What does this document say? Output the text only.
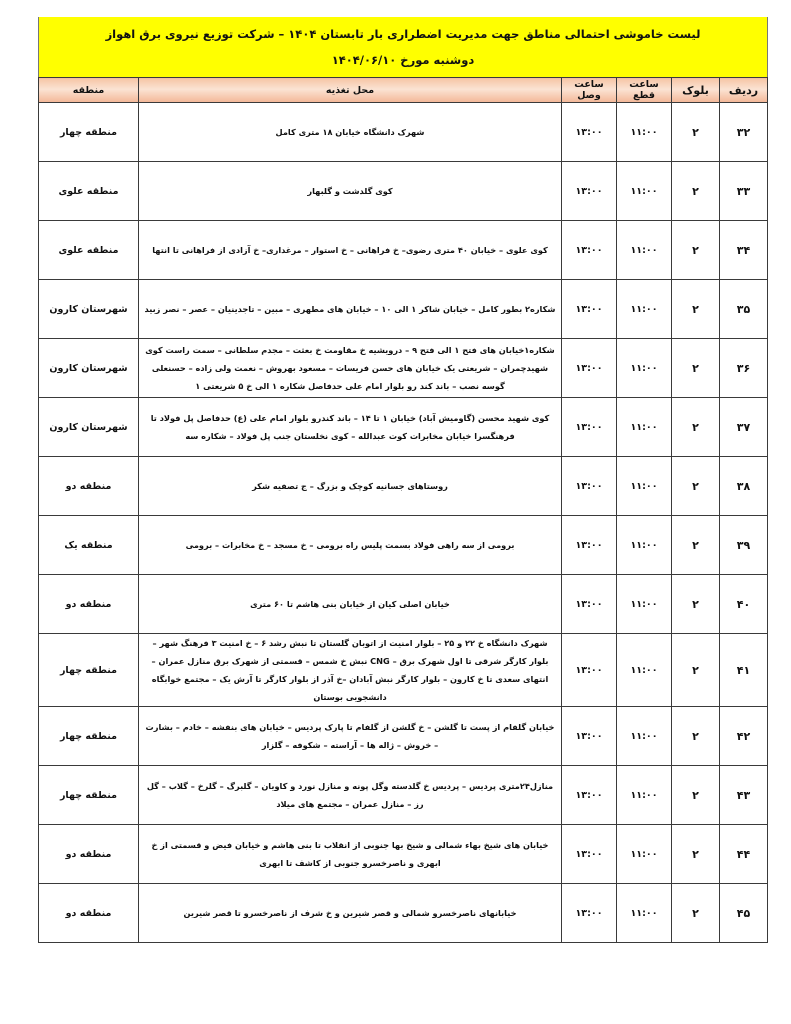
لیست خاموشی احتمالی مناطق جهت مدیریت اضطراری بار تابستان ۱۴۰۴ – شرکت توزیع نیروی برق اهواز
دوشنبه مورخ ۱۴۰۴/۰۶/۱۰
ردیف	بلوک	ساعت قطع	ساعت وصل	محل تغذیه	منطقه
۳۲	۲	۱۱:۰۰	۱۳:۰۰	شهرک دانشگاه خیابان ۱۸ متری کامل	منطقه چهار
۳۳	۲	۱۱:۰۰	۱۳:۰۰	کوی گلدشت و گلبهار	منطقه علوی
۳۴	۲	۱۱:۰۰	۱۳:۰۰	کوی علوی – خیابان ۴۰ متری رضوی– خ فراهانی – خ استوار – مرغداری– خ آزادی از فراهانی تا انتها	منطقه علوی
۳۵	۲	۱۱:۰۰	۱۳:۰۰	شکاره۲ بطور کامل – خیابان شاکر ۱ الی ۱۰ – خیابان های مطهری – مبین – تاجدینیان – عصر – نصر زبید	شهرستان کارون
۳۶	۲	۱۱:۰۰	۱۳:۰۰	شکاره۱خیابان های فتح ۱ الی فتح ۹ – درویشیه خ مقاومت خ بعثت – مجدم سلطانی – سمت راست کوی شهیدچمران – شریعتی یک خیابان های حسن فریسات – مسعود بهروش – نعمت ولی زاده – حسنعلی گوسه نصب – باند کند رو بلوار امام علی حدفاصل شکاره ۱ الی خ ۵ شریعتی ۱	شهرستان کارون
۳۷	۲	۱۱:۰۰	۱۳:۰۰	کوی شهید محسن (گاومیش آباد) خیابان ۱ تا ۱۴ – باند کندرو بلوار امام علی (ع) حدفاصل پل فولاد تا فرهنگسرا خیابان مخابرات کوت عبدالله – کوی نخلستان جنب پل فولاد – شکاره سه	شهرستان کارون
۳۸	۲	۱۱:۰۰	۱۳:۰۰	روستاهای جسانیه کوچک و بزرگ – ج تصفیه شکر	منطقه دو
۳۹	۲	۱۱:۰۰	۱۳:۰۰	برومی از سه راهی فولاد بسمت پلیس راه برومی – خ مسجد – خ مخابرات – برومی	منطقه یک
۴۰	۲	۱۱:۰۰	۱۳:۰۰	خیابان اصلی کیان از خیابان بنی هاشم تا ۶۰ متری	منطقه دو
۴۱	۲	۱۱:۰۰	۱۳:۰۰	شهرک دانشگاه خ ۲۲ و ۲۵ – بلوار امنیت از اتوبان گلستان تا نبش رشد ۶ – خ امنیت ۳ فرهنگ شهر – بلوار کارگر شرقی تا اول شهرک برق – CNG نبش خ شمس – قسمتی از شهرک برق منازل عمران – انتهای سعدی تا خ کارون – بلوار کارگر نبش آبادان –خ آذر از بلوار کارگر تا آرش یک – مجتمع خوابگاه دانشجویی بوستان	منطقه چهار
۴۲	۲	۱۱:۰۰	۱۳:۰۰	خیابان گلفام از پست تا گلشن – خ گلشن از گلفام تا پارک پردیس – خیابان های بنفشه – خادم – بشارت – خروش – ژاله ها – آراسته – شکوفه – گلزار	منطقه چهار
۴۳	۲	۱۱:۰۰	۱۳:۰۰	منازل۲۴متری پردیس – پردیس خ گلدسته وگل پونه و منازل نورد و کاویان – گلبرگ – گلرخ – گلاب – گل رز – منازل عمران – مجتمع های میلاد	منطقه چهار
۴۴	۲	۱۱:۰۰	۱۳:۰۰	خیابان های شیخ بهاء شمالی و شیخ بها جنوبی از انقلاب تا بنی هاشم و خیابان فیض و قسمتی از خ ابهری و ناصرخسرو جنوبی از کاشف تا ابهری	منطقه دو
۴۵	۲	۱۱:۰۰	۱۳:۰۰	خیابانهای ناصرخسرو شمالی و قصر شیرین و خ شرف از ناصرخسرو تا قصر شیرین	منطقه دو
